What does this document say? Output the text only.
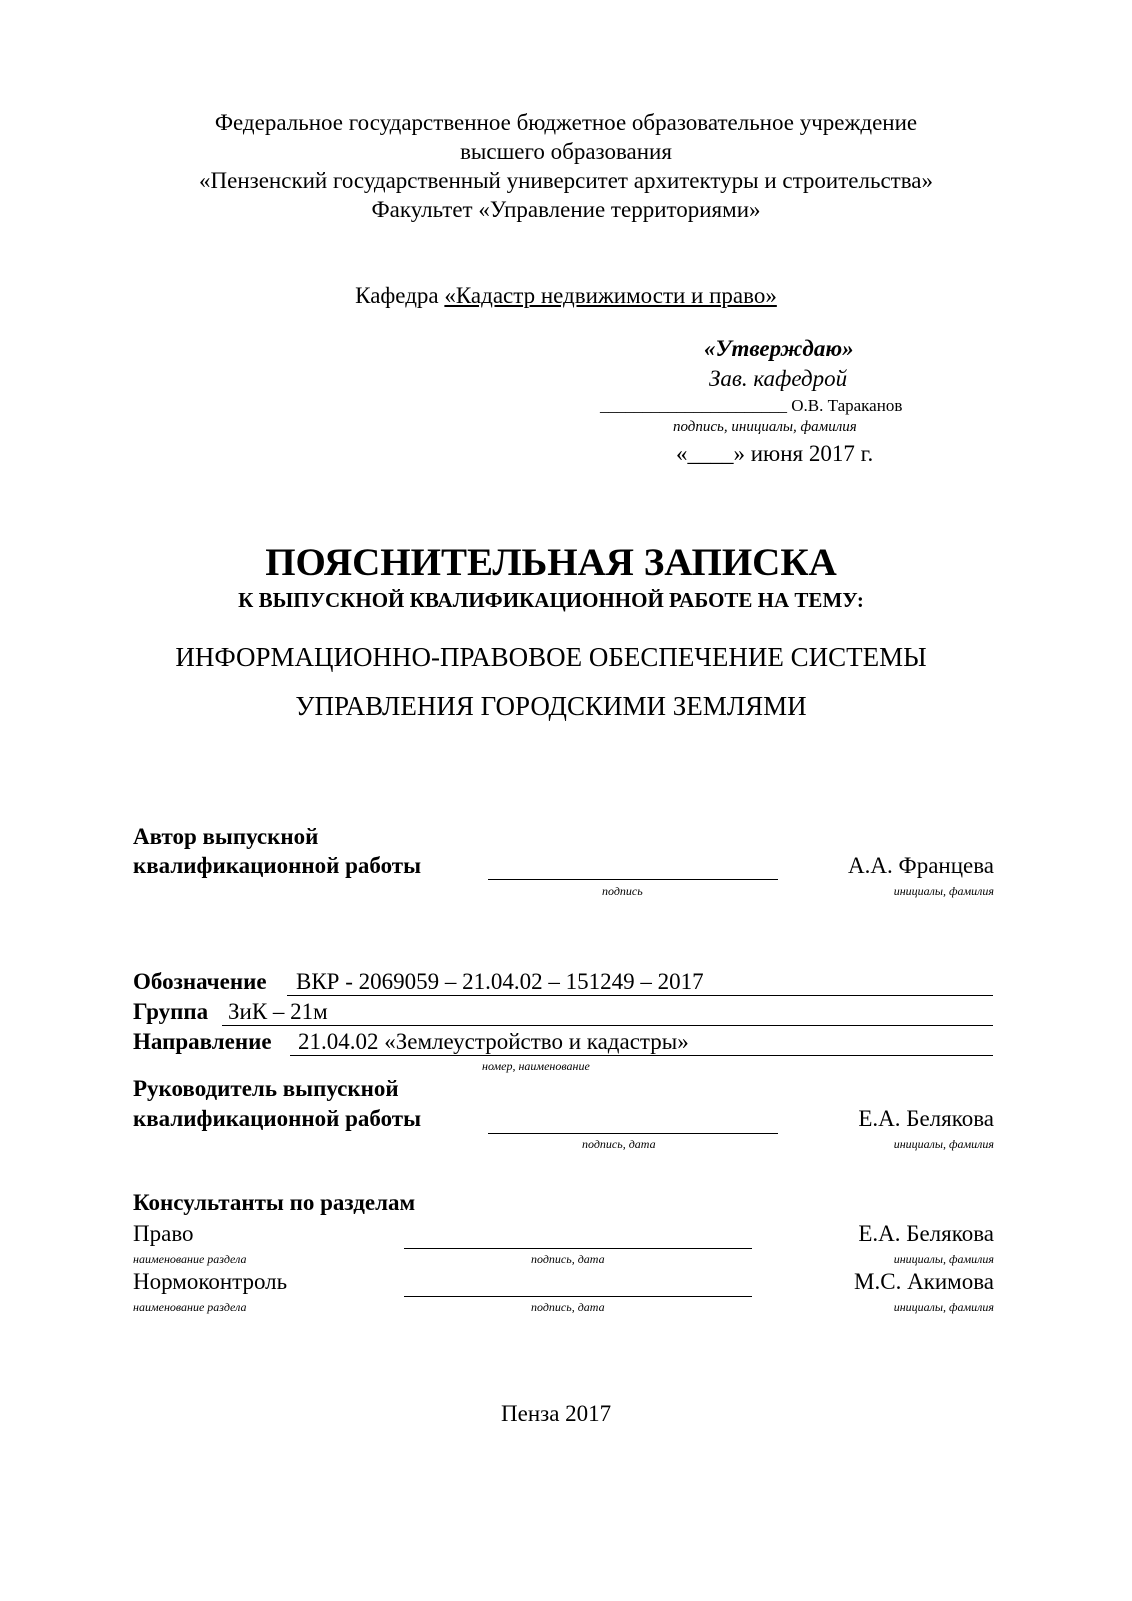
Федеральное государственное бюджетное образовательное учреждение
высшего образования
«Пензенский государственный университет архитектуры и строительства»
Факультет «Управление территориями»
Кафедра «Кадастр недвижимости и право»
«Утверждаю»
Зав. кафедрой
______________________ О.В. Тараканов
подпись, инициалы, фамилия
«____» июня 2017 г.
ПОЯСНИТЕЛЬНАЯ ЗАПИСКА
К ВЫПУСКНОЙ КВАЛИФИКАЦИОННОЙ РАБОТЕ НА ТЕМУ:
ИНФОРМАЦИОННО-ПРАВОВОЕ ОБЕСПЕЧЕНИЕ СИСТЕМЫ
УПРАВЛЕНИЯ ГОРОДСКИМИ ЗЕМЛЯМИ
Автор выпускной
квалификационной работы	А.А. Францева
подпись	инициалы, фамилия
Обозначение ВКР - 2069059 – 21.04.02 – 151249 – 2017
Группа ЗиК – 21м
Направление 21.04.02 «Землеустройство и кадастры»
номер, наименование
Руководитель выпускной
квалификационной работы	Е.А. Белякова
подпись, дата	инициалы, фамилия
Консультанты по разделам
Право	Е.А. Белякова
наименование раздела	подпись, дата	инициалы, фамилия
Нормоконтроль	М.С. Акимова
наименование раздела	подпись, дата	инициалы, фамилия
Пенза 2017
